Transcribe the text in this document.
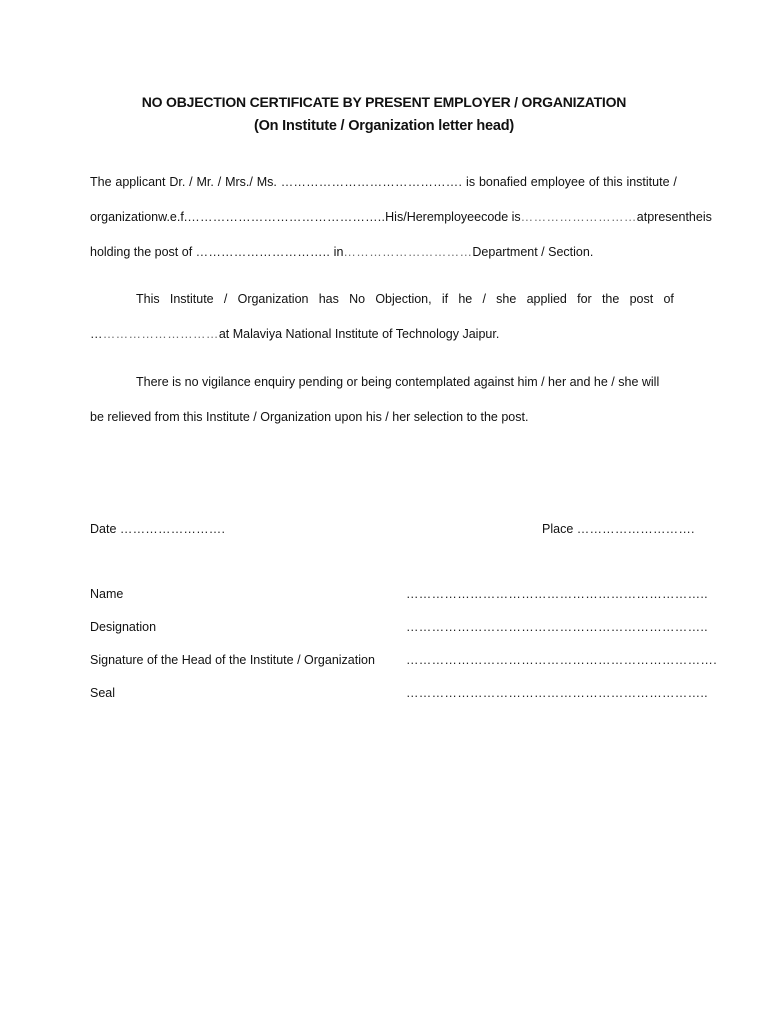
NO OBJECTION CERTIFICATE BY PRESENT EMPLOYER / ORGANIZATION
(On Institute / Organization letter head)
The applicant Dr. / Mr. / Mrs./ Ms. ……………………………………. is bonafied employee of this institute /
organization w.e.f. ……………………………………….. His / Her employee code is………………………at present he is
holding the post of ………………………….. in…………………………Department / Section.
This Institute / Organization has No Objection, if he / she applied for the post of
…………………………at Malaviya National Institute of Technology Jaipur.
There is no vigilance enquiry pending or being contemplated against him / her and he / she will
be relieved from this Institute / Organization upon his / her selection to the post.
Date …………………….	Place ……………………….
Name	……………………………………………………………..
Designation	……………………………………………………………..
Signature of the Head of the Institute / Organization ……………………………………………………………….
Seal	……………………………………………………………..
